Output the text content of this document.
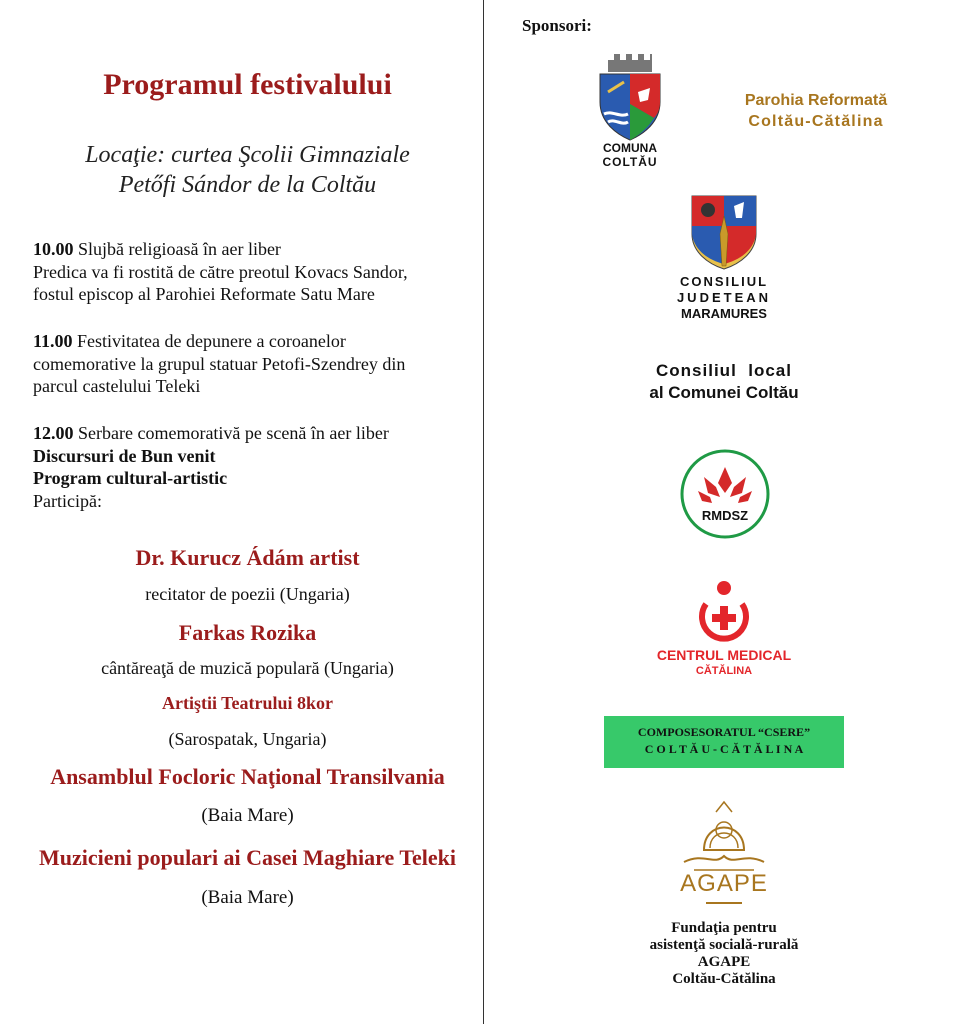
Programul festivalului
Locaţie: curtea Şcolii Gimnaziale
Petőfi Sándor de la Coltău
10.00 Slujbă religioasă în aer liber
Predica va fi rostită de către preotul Kovacs Sandor,
fostul episcop al Parohiei Reformate Satu Mare
11.00 Festivitatea de depunere a coroanelor
comemorative la grupul statuar Petofi-Szendrey din
parcul castelului Teleki
12.00 Serbare comemorativă pe scenă în aer liber
Discursuri de Bun venit
Program cultural-artistic
Participă:
Dr. Kurucz Ádám artist
recitator de poezii (Ungaria)
Farkas Rozika
cântăreaţă de muzică populară (Ungaria)
Artiştii Teatrului 8kor
(Sarospatak, Ungaria)
Ansamblul Focloric Naţional Transilvania
(Baia Mare)
Muzicieni populari ai Casei Maghiare Teleki
(Baia Mare)
Sponsori:
COMUNA
COLTĂU
Parohia Reformată
Coltău-Cătălina
CONSILIUL
JUDETEAN
MARAMURES
Consiliul  local
al Comunei Coltău
RMDSZ
CENTRUL MEDICAL
CĂTĂLINA
COMPOSESORATUL “CSERE”
C O L T Ă U - C Ă T Ă L I N A
AGAPE
Fundaţia pentru
asistenţă socială-rurală
AGAPE
Coltău-Cătălina
